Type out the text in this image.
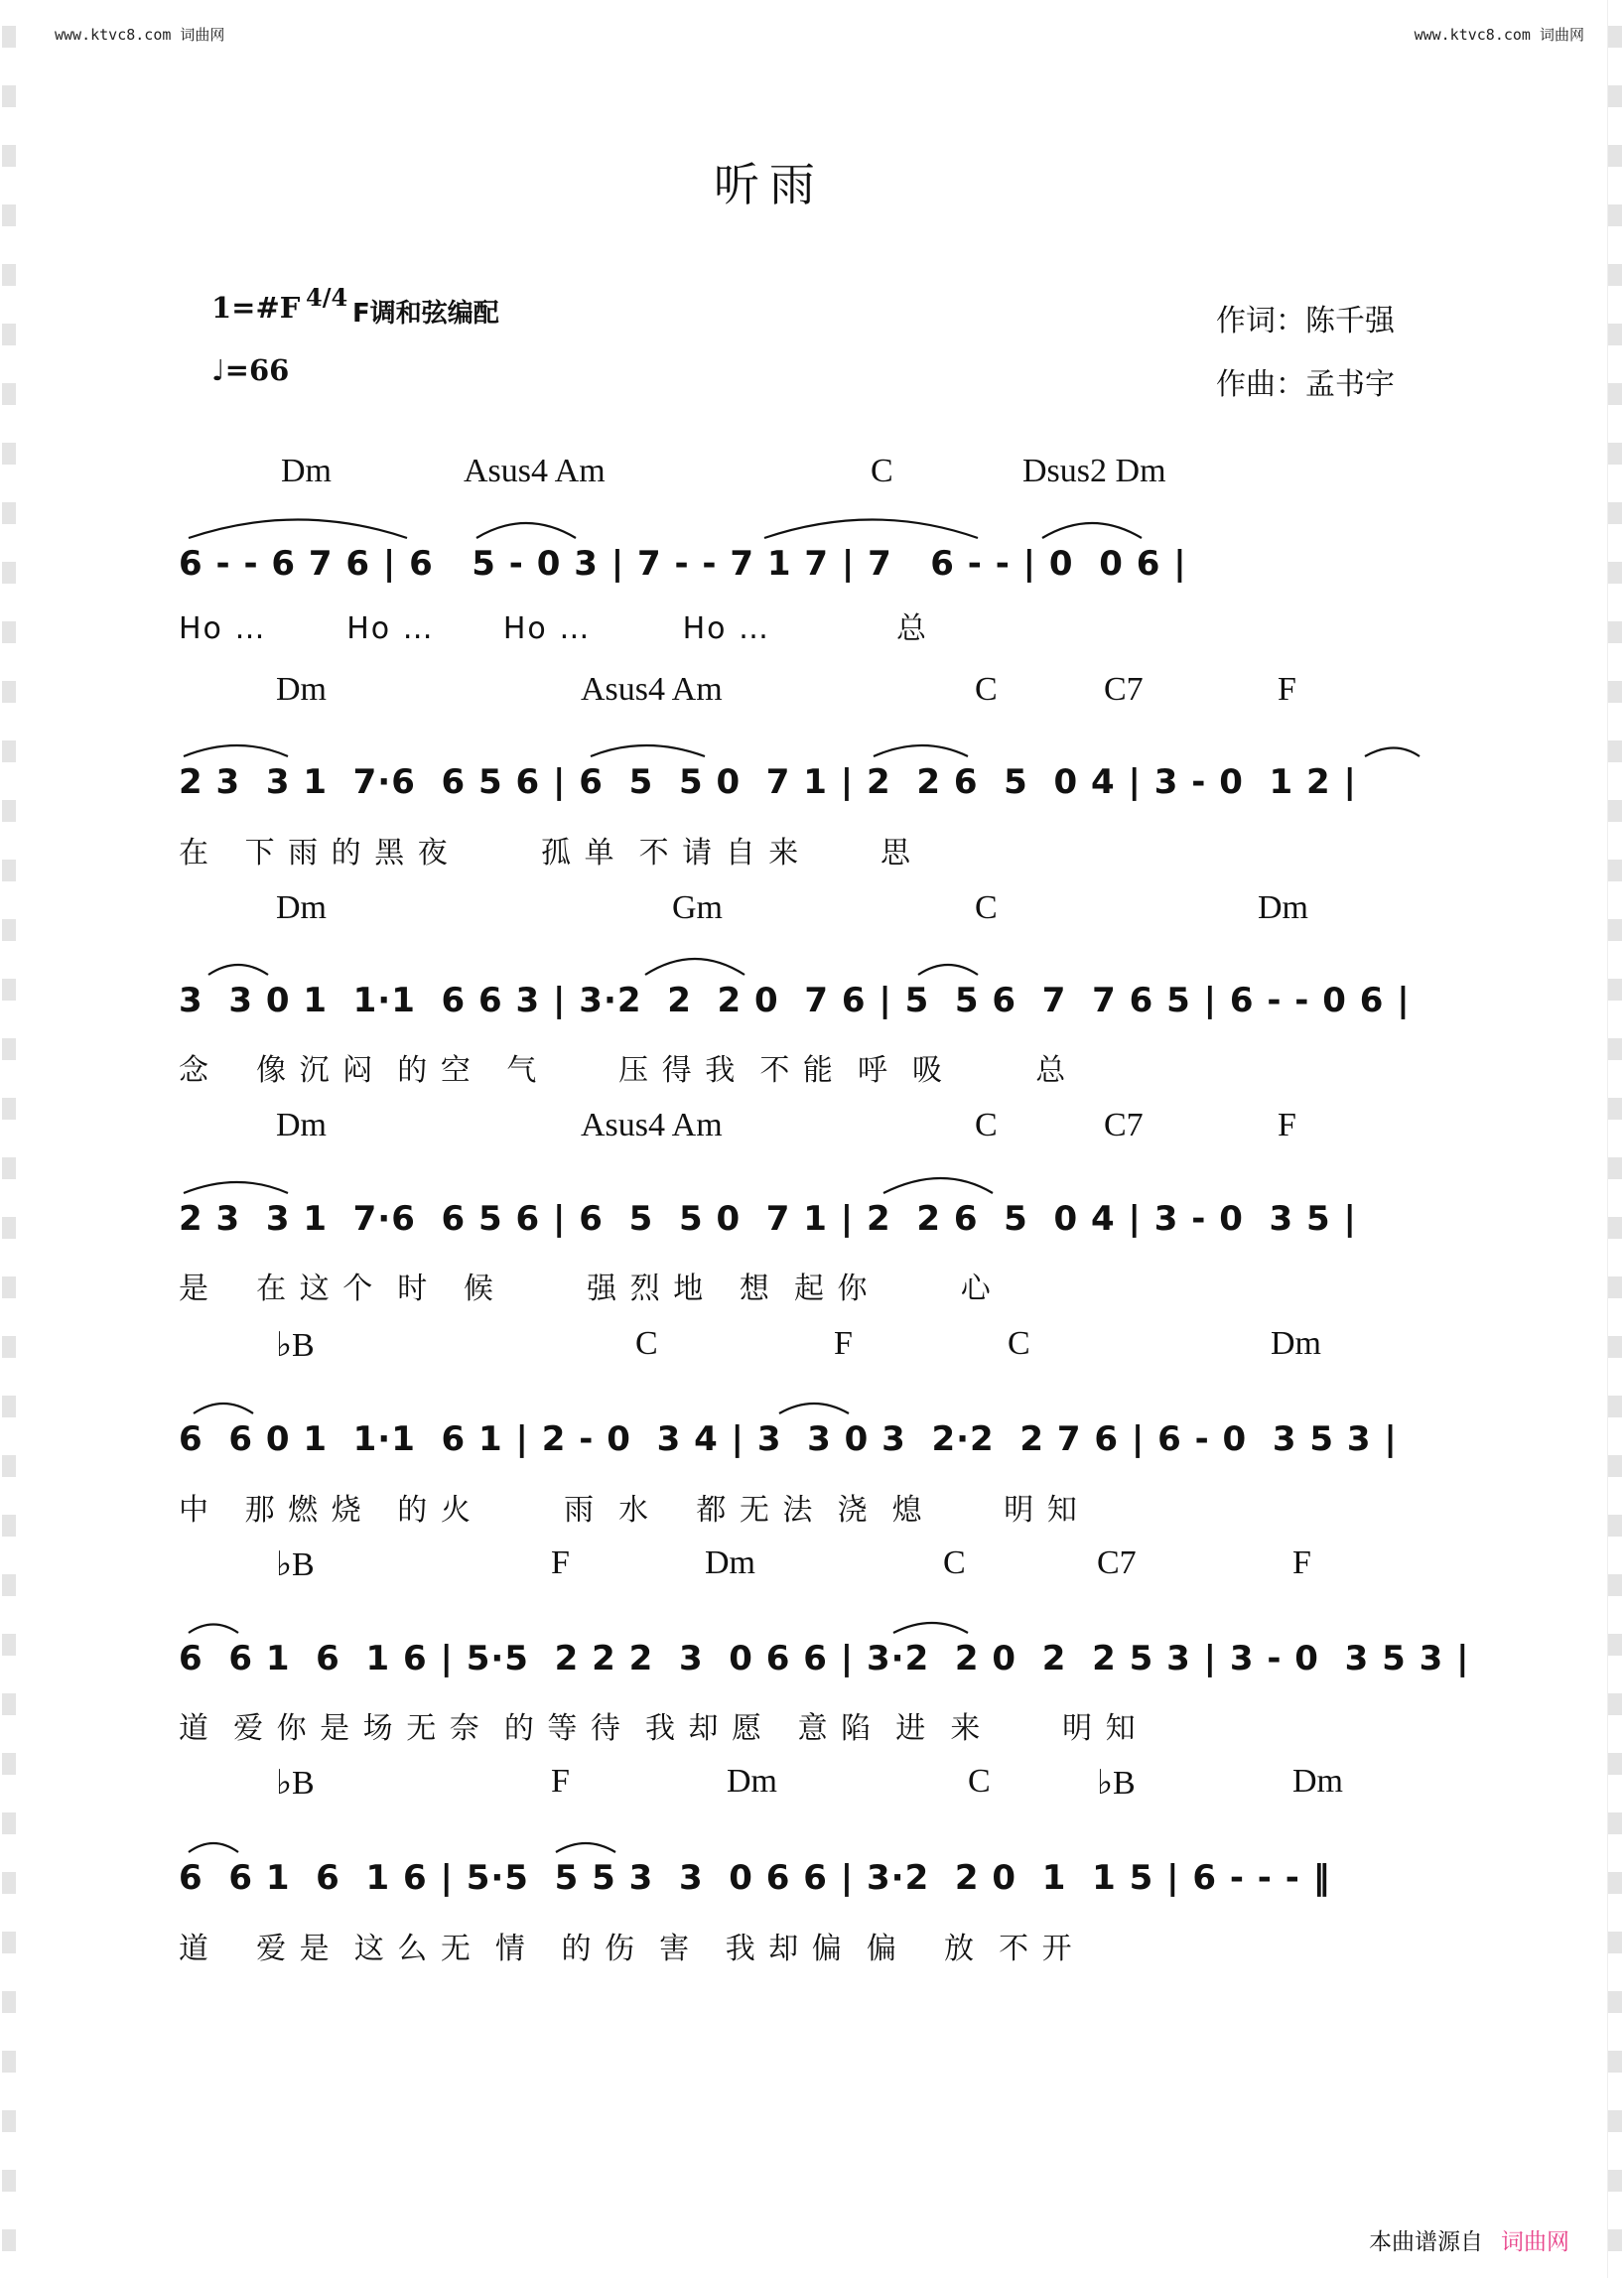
www.ktvc8.com 词曲网	www.ktvc8.com 词曲网
听雨
1=#F 4/4
F调和弦编配
♩=66
作词：陈千强
作曲：孟书宇
Dm	Asus4 Am	C	Dsus2 Dm
6 - - 6 7 6 | 6   5 - 0 3 | 7 - - 7 1 7 | 7   6 - - | 0  0 6 |
Ho …       Ho …      Ho …        Ho …           总
Dm	Asus4 Am	C	C7	F
2 3  3 1  7·6  6 5 6 | 6  5  5 0  7 1 | 2  2 6  5  0 4 | 3 - 0  1 2 |
在   下 雨 的 黑 夜        孤 单  不 请 自 来       思
Dm	Gm	C	Dm
3  3 0 1  1·1  6 6 3 | 3·2  2  2 0  7 6 | 5  5 6  7  7 6 5 | 6 - - 0 6 |
念    像 沉 闷  的 空   气       压 得 我  不 能  呼  吸        总
Dm	Asus4 Am	C	C7	F
2 3  3 1  7·6  6 5 6 | 6  5  5 0  7 1 | 2  2 6  5  0 4 | 3 - 0  3 5 |
是    在 这 个  时   候        强 烈 地   想  起 你        心
♭B	C	F	C	Dm
6  6 0 1  1·1  6 1 | 2 - 0  3 4 | 3  3 0 3  2·2  2 7 6 | 6 - 0  3 5 3 |
中   那 燃 烧   的 火        雨  水    都 无 法  浇  熄       明 知
♭B	F	Dm	C	C7	F
6  6 1  6  1 6 | 5·5  2 2 2  3  0 6 6 | 3·2  2 0  2  2 5 3 | 3 - 0  3 5 3 |
道  爱 你 是 场 无 奈  的 等 待  我 却 愿   意 陷  进  来       明 知
♭B	F	Dm	C	♭B	Dm
6  6 1  6  1 6 | 5·5  5 5 3  3  0 6 6 | 3·2  2 0  1  1 5 | 6 - - - ‖
道    爱 是  这 么 无  情   的 伤  害   我 却 偏  偏    放  不 开
本曲谱源自 词曲网
